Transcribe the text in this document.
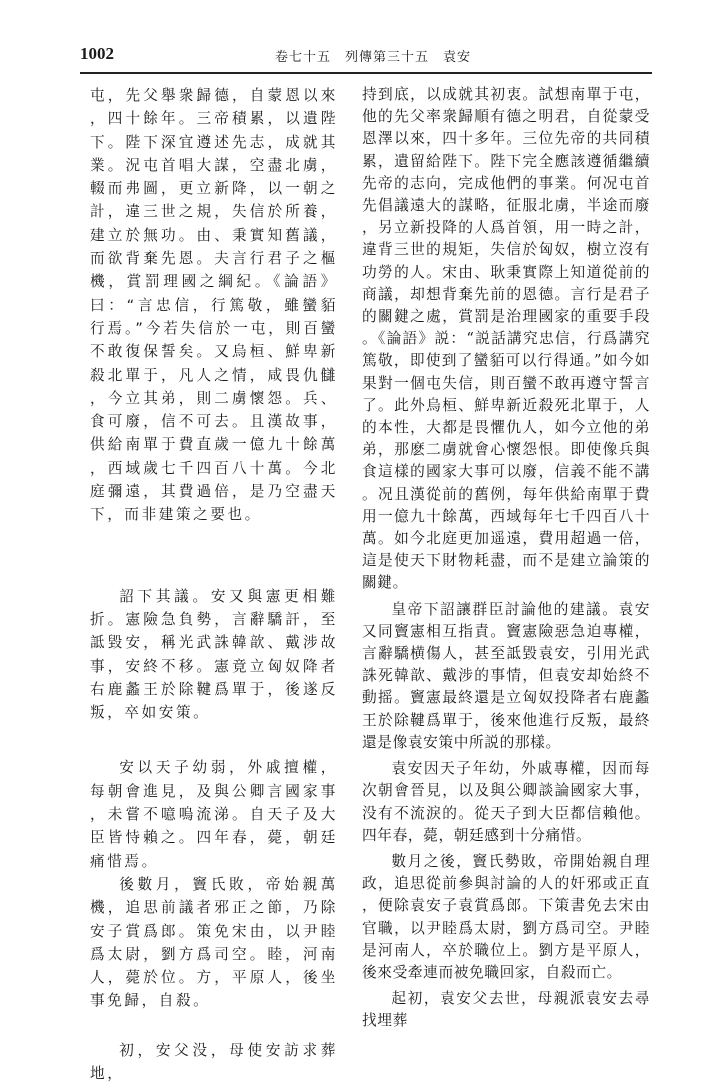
1002	卷七十五　列傳第三十五　袁安

屯，先父舉衆歸德，自蒙恩以來，四十餘年。三帝積累，以遺陛下。陛下深宜遵述先志，成就其業。況屯首唱大謀，空盡北虜，輟而弗圖，更立新降，以一朝之計，違三世之規，失信於所養，建立於無功。由、秉實知舊議，而欲背棄先恩。夫言行君子之樞機，賞罰理國之綱紀。《論語》曰：“言忠信，行篤敬，雖蠻貊行焉。”今若失信於一屯，則百蠻不敢復保誓矣。又烏桓、鮮卑新殺北單于，凡人之情，咸畏仇讎，今立其弟，則二虜懷怨。兵、食可廢，信不可去。且漢故事，供給南單于費直歲一億九十餘萬，西域歲七千四百八十萬。今北庭彌遠，其費過倍，是乃空盡天下，而非建策之要也。

詔下其議。安又與憲更相難折。憲險急負勢，言辭驕訐，至詆毀安，稱光武誅韓歆、戴涉故事，安終不移。憲竟立匈奴降者右鹿蠡王於除鞬爲單于，後遂反叛，卒如安策。

安以天子幼弱，外戚擅權，每朝會進見，及與公卿言國家事，未嘗不噫嗚流涕。自天子及大臣皆恃賴之。四年春，薨，朝廷痛惜焉。

後數月，竇氏敗，帝始親萬機，追思前議者邪正之節，乃除安子賞爲郎。策免宋由，以尹睦爲太尉，劉方爲司空。睦，河南人，薨於位。方，平原人，後坐事免歸，自殺。

初，安父没，母使安訪求葬地，

持到底，以成就其初衷。試想南單于屯，他的先父率衆歸順有德之明君，自從蒙受恩澤以來，四十多年。三位先帝的共同積累，遺留給陛下。陛下完全應該遵循繼續先帝的志向，完成他們的事業。何况屯首先倡議遠大的謀略，征服北虜，半途而廢，另立新投降的人爲首領，用一時之計，違背三世的規矩，失信於匈奴，樹立沒有功勞的人。宋由、耿秉實際上知道從前的商議，却想背棄先前的恩德。言行是君子的關鍵之處，賞罰是治理國家的重要手段。《論語》説：“説話講究忠信，行爲講究篤敬，即使到了蠻貊可以行得通。”如今如果對一個屯失信，則百蠻不敢再遵守誓言了。此外烏桓、鮮卑新近殺死北單于，人的本性，大都是畏懼仇人，如今立他的弟弟，那麽二虜就會心懷怨恨。即使像兵與食這樣的國家大事可以廢，信義不能不講。况且漢從前的舊例，每年供給南單于費用一億九十餘萬，西域每年七千四百八十萬。如今北庭更加遥遠，費用超過一倍，這是使天下財物耗盡，而不是建立論策的關鍵。

皇帝下詔讓群臣討論他的建議。袁安又同竇憲相互指責。竇憲險惡急迫專權，言辭驕横傷人，甚至詆毀袁安，引用光武誅死韓歆、戴涉的事情，但袁安却始終不動摇。竇憲最終還是立匈奴投降者右鹿蠡王於除鞬爲單于，後來他進行反叛，最終還是像袁安策中所説的那樣。

袁安因天子年幼，外戚專權，因而每次朝會晉見，以及與公卿談論國家大事，没有不流淚的。從天子到大臣都信賴他。四年春，薨，朝廷感到十分痛惜。

數月之後，竇氏勢敗，帝開始親自理政，追思從前參與討論的人的奸邪或正直，便除袁安子袁賞爲郎。下策書免去宋由官職，以尹睦爲太尉，劉方爲司空。尹睦是河南人，卒於職位上。劉方是平原人，後來受牽連而被免職回家，自殺而亡。

起初，袁安父去世，母親派袁安去尋找埋葬
